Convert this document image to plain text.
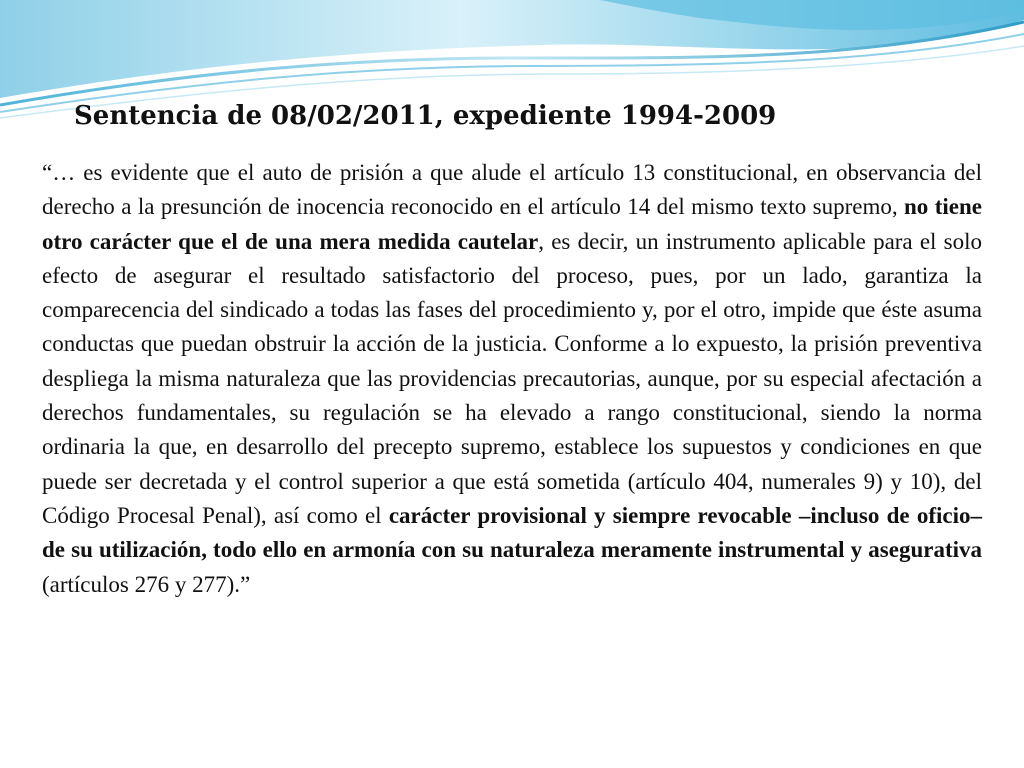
Sentencia de 08/02/2011, expediente 1994-2009

“… es evidente que el auto de prisión a que alude el artículo 13 constitucional, en observancia del derecho a la presunción de inocencia reconocido en el artículo 14 del mismo texto supremo, no tiene otro carácter que el de una mera medida cautelar, es decir, un instrumento aplicable para el solo efecto de asegurar el resultado satisfactorio del proceso, pues, por un lado, garantiza la comparecencia del sindicado a todas las fases del procedimiento y, por el otro, impide que éste asuma conductas que puedan obstruir la acción de la justicia. Conforme a lo expuesto, la prisión preventiva despliega la misma naturaleza que las providencias precautorias, aunque, por su especial afectación a derechos fundamentales, su regulación se ha elevado a rango constitucional, siendo la norma ordinaria la que, en desarrollo del precepto supremo, establece los supuestos y condiciones en que puede ser decretada y el control superior a que está sometida (artículo 404, numerales 9) y 10), del Código Procesal Penal), así como el carácter provisional y siempre revocable –incluso de oficio– de su utilización, todo ello en armonía con su naturaleza meramente instrumental y asegurativa (artículos 276 y 277).”
